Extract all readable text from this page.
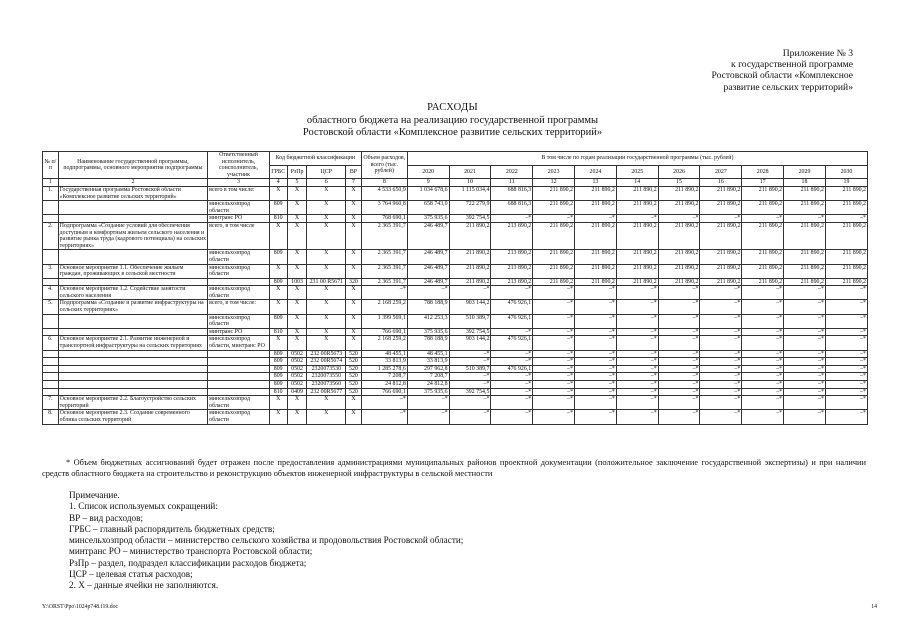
Приложение № 3
к государственной программе
Ростовской области «Комплексное
развитие сельских территорий»
РАСХОДЫ
областного бюджета на реализацию государственной программы
Ростовской области «Комплексное развитие сельских территорий»
№ п/п	Наименование государственной программы, подпрограммы, основного мероприятия подпрограммы	Ответственный исполнитель, соисполнитель, участник	Код бюджетной классификации				Объем расходов, всего (тыс. рублей)	В том числе по годам реализации государственной программы (тыс. рублей)										
			ГРБС	РзПр	ЦСР	ВР		2020	2021	2022	2023	2024	2025	2026	2027	2028	2029	2030
1	2	3	4	5	6	7	8	9	10	11	12	13	14	15	16	17	18	19
1.	Государственная программа Ростовской области «Комплексное развитие сельских территорий»	всего в том числе:	Х	Х	Х	Х	4 533 650,9	1 034 678,6	1 115 034,4	688 816,3	211 890,2	211 890,2	211 890,2	211 890,2	211 890,2	211 890,2	211 890,2	211 890,2
		минсельхозпрод области	809	Х	Х	Х	3 764 960,8	658 743,0	722 279,9	688 816,3	211 890,2	211 890,2	211 890,2	211 890,2	211 890,2	211 890,2	211 890,2	211 890,2
		минтранс РО	810	Х	Х	Х	768 690,1	375 935,6	392 754,5	–*	–*	–*	–*	–*	–*	–*	–*	–*
2.	Подпрограмма «Создание условий для обеспечения доступным и комфортным жильем сельского населения и развитие рынка труда (кадрового потенциала) на сельских территориях»	всего, в том числе	Х	Х	Х	Х	2 365 391,7	246 489,7	211 890,2	213 890,2	211 890,2	211 890,2	211 890,2	211 890,2	211 890,2	211 890,2	211 890,2	211 890,2
		минсельхозпрод области	809	Х	Х	Х	2 365 391,7	246 489,7	211 890,2	213 890,2	211 890,2	211 890,2	211 890,2	211 890,2	211 890,2	211 890,2	211 890,2	211 890,2
3.	Основное мероприятие 1.1. Обеспечение жильем граждан, проживающих в сельской местности	минсельхозпрод области	Х	Х	Х	Х	2 365 391,7	246 489,7	211 890,2	213 890,2	211 890,2	211 890,2	211 890,2	211 890,2	211 890,2	211 890,2	211 890,2	211 890,2
			809	1003	231 00 R5671	320	2 365 391,7	246 489,7	211 890,2	213 890,2	211 890,2	211 890,2	211 890,2	211 890,2	211 890,2	211 890,2	211 890,2	211 890,2
4.	Основное мероприятие 1.2. Содействие занятости сельского населения	минсельхозпрод области	Х	Х	Х	Х	–*	–*	–*	–*	–*	–*	–*	–*	–*	–*	–*	–*
5.	Подпрограмма «Создание и развитие инфраструктуры на сельских территориях»	всего, в том числе:	Х	Х	Х	Х	2 168 259,2	788 188,9	903 144,2	476 926,1	–*	–*	–*	–*	–*	–*	–*	–*
		минсельхозпрод области	809	Х	Х	Х	1 399 569,1	412 253,3	510 389,7	476 926,1	–*	–*	–*	–*	–*	–*	–*	–*
		минтранс РО	810	Х	Х	Х	766 690,1	375 935,6	392 754,5	–*	–*	–*	–*	–*	–*	–*	–*	–*
6.	Основное мероприятие 2.1. Развитие инженерной и транспортной инфраструктуры на сельских территориях	минсельхозпрод области, минтранс РО	Х	Х	Х	Х	2 168 259,2	788 188,9	903 144,2	476 926,1	–*	–*	–*	–*	–*	–*	–*	–*
			809	0502	232 00R5673	520	48 455,1	48 455,1	–*	–*	–*	–*	–*	–*	–*	–*	–*	–*
			809	0502	232 00R5674	520	33 813,9	33 813,9	–*	–*	–*	–*	–*	–*	–*	–*	–*	–*
			809	0502	2320073530	520	1 285 278,6	297 962,8	510 389,7	476 926,1	–*	–*	–*	–*	–*	–*	–*	–*
			809	0502	2320073550	520	7 208,7	7 208,7	–*	–*	–*	–*	–*	–*	–*	–*	–*	–*
			809	0502	2320073560	520	24 812,8	24 812,8	–*	–*	–*	–*	–*	–*	–*	–*	–*	–*
			810	0409	232 00R5677	520	766 690,1	375 935,6	392 754,5	–*	–*	–*	–*	–*	–*	–*	–*	–*
7.	Основное мероприятие 2.2. Благоустройство сельских территорий	минсельхозпрод области	Х	Х	Х	Х	–*	–*	–*	–*	–*	–*	–*	–*	–*	–*	–*	–*
8.	Основное мероприятие 2.3. Создание современного облика сельских территорий	минсельхозпрод области	Х	Х	Х	Х	–*	–*	–*	–*	–*	–*	–*	–*	–*	–*	–*	–*
* Объем бюджетных ассигнований будет отражен после предоставления администрациями муниципальных районов проектной документации (положительное заключение государственной экспертизы) и при наличии средств областного бюджета на строительство и реконструкцию объектов инженерной инфраструктуры в сельской местности
Примечание.
1. Список используемых сокращений:
ВР – вид расходов;
ГРБС – главный распорядитель бюджетных средств;
минсельхозпрод области – министерство сельского хозяйства и продовольствия Ростовской области;
минтранс РО – министерство транспорта Ростовской области;
РзПр – раздел, подраздел классификации расходов бюджета;
ЦСР – целевая статья расходов;
2. Х – данные ячейки не заполняются.
Y:\ORST\Ppo\1024p748.f19.doc	14
